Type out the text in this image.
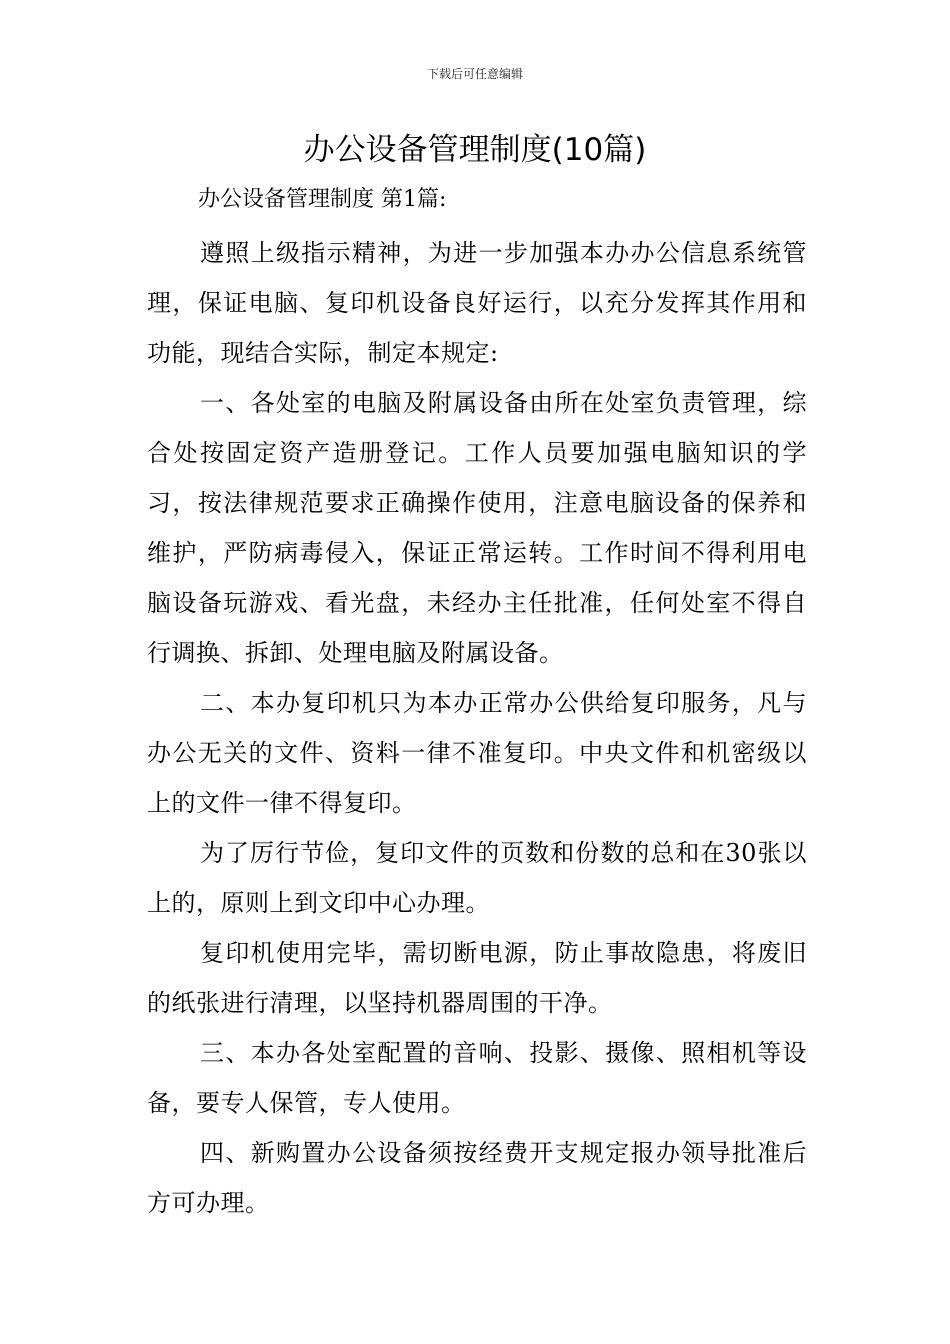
下载后可任意编辑
办公设备管理制度(10篇)
办公设备管理制度 第1篇:

遵照上级指示精神，为进一步加强本办办公信息系统管理，保证电脑、复印机设备良好运行，以充分发挥其作用和功能，现结合实际，制定本规定:

一、各处室的电脑及附属设备由所在处室负责管理，综合处按固定资产造册登记。工作人员要加强电脑知识的学习，按法律规范要求正确操作使用，注意电脑设备的保养和维护，严防病毒侵入，保证正常运转。工作时间不得利用电脑设备玩游戏、看光盘，未经办主任批准，任何处室不得自行调换、拆卸、处理电脑及附属设备。

二、本办复印机只为本办正常办公供给复印服务，凡与办公无关的文件、资料一律不准复印。中央文件和机密级以上的文件一律不得复印。

为了厉行节俭，复印文件的页数和份数的总和在30张以上的，原则上到文印中心办理。

复印机使用完毕，需切断电源，防止事故隐患，将废旧的纸张进行清理，以坚持机器周围的干净。

三、本办各处室配置的音响、投影、摄像、照相机等设备，要专人保管，专人使用。

四、新购置办公设备须按经费开支规定报办领导批准后方可办理。
